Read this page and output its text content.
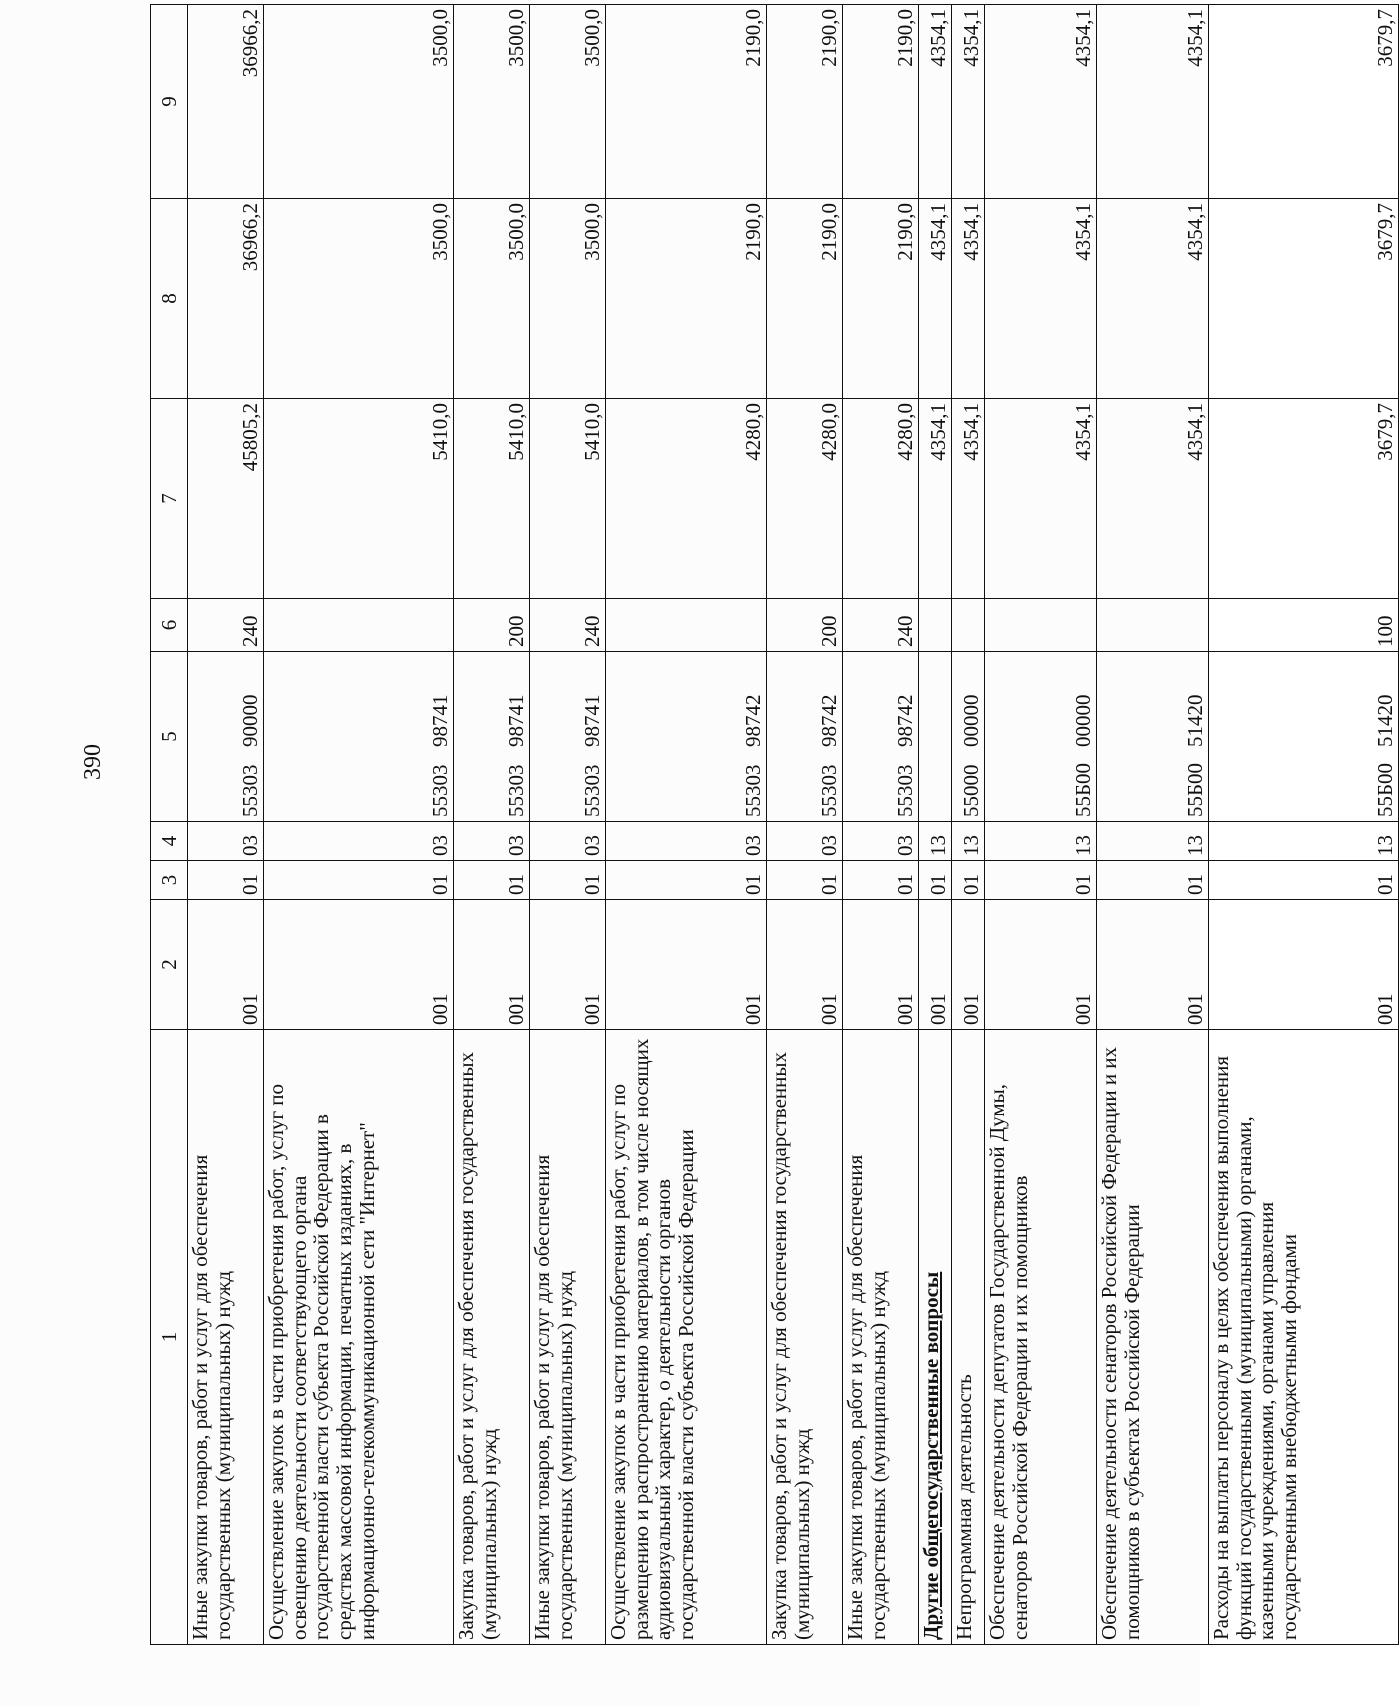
390
1	2	3	4	5	6	7	8	9
Иные закупки товаров, работ и услуг для обеспечения государственных (муниципальных) нужд	001	01	03	5530390000	240	45805,2	36966,2	36966,2
Осуществление закупок в части приобретения работ, услуг по освещению деятельности соответствующего органа государственной власти субъекта Российской Федерации в средствах массовой информации, печатных изданиях, в информационно-телекоммуникационной сети "Интернет"	001	01	03	5530398741		5410,0	3500,0	3500,0
Закупка товаров, работ и услуг для обеспечения государственных (муниципальных) нужд	001	01	03	5530398741	200	5410,0	3500,0	3500,0
Иные закупки товаров, работ и услуг для обеспечения государственных (муниципальных) нужд	001	01	03	5530398741	240	5410,0	3500,0	3500,0
Осуществление закупок в части приобретения работ, услуг по размещению и распространению материалов, в том числе носящих аудиовизуальный характер, о деятельности органов государственной власти субъекта Российской Федерации	001	01	03	5530398742		4280,0	2190,0	2190,0
Закупка товаров, работ и услуг для обеспечения государственных (муниципальных) нужд	001	01	03	5530398742	200	4280,0	2190,0	2190,0
Иные закупки товаров, работ и услуг для обеспечения государственных (муниципальных) нужд	001	01	03	5530398742	240	4280,0	2190,0	2190,0
Другие общегосударственные вопросы	001	01	13			4354,1	4354,1	4354,1
Непрограммная деятельность	001	01	13	5500000000		4354,1	4354,1	4354,1
Обеспечение деятельности депутатов Государственной Думы, сенаторов Российской Федерации и их помощников	001	01	13	55Б0000000		4354,1	4354,1	4354,1
Обеспечение деятельности сенаторов Российской Федерации и их помощников в субъектах Российской Федерации	001	01	13	55Б0051420		4354,1	4354,1	4354,1
Расходы на выплаты персоналу в целях обеспечения выполнения функций государственными (муниципальными) органами, казенными учреждениями, органами управления государственными внебюджетными фондами	001	01	13	55Б0051420	100	3679,7	3679,7	3679,7
